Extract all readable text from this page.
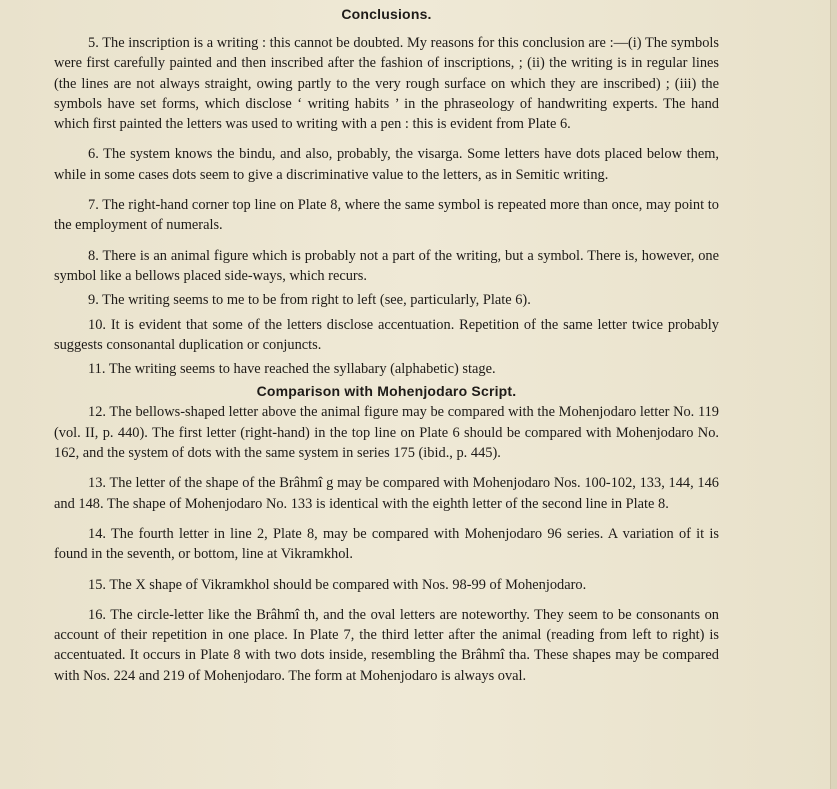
Conclusions.

5. The inscription is a writing : this cannot be doubted. My reasons for this conclusion are :—(i) The symbols were first carefully painted and then inscribed after the fashion of inscriptions, ; (ii) the writing is in regular lines (the lines are not always straight, owing partly to the very rough surface on which they are inscribed) ; (iii) the symbols have set forms, which disclose ‘ writing habits ’ in the phraseology of handwriting experts. The hand which first painted the letters was used to writing with a pen : this is evident from Plate 6.

6. The system knows the bindu, and also, probably, the visarga. Some letters have dots placed below them, while in some cases dots seem to give a discriminative value to the letters, as in Semitic writing.

7. The right-hand corner top line on Plate 8, where the same symbol is repeated more than once, may point to the employment of numerals.

8. There is an animal figure which is probably not a part of the writing, but a symbol. There is, however, one symbol like a bellows placed side-ways, which recurs.

9. The writing seems to me to be from right to left (see, particularly, Plate 6).

10. It is evident that some of the letters disclose accentuation. Repetition of the same letter twice probably suggests consonantal duplication or conjuncts.

11. The writing seems to have reached the syllabary (alphabetic) stage.

Comparison with Mohenjodaro Script.

12. The bellows-shaped letter above the animal figure may be compared with the Mohenjodaro letter No. 119 (vol. II, p. 440). The first letter (right-hand) in the top line on Plate 6 should be compared with Mohenjodaro No. 162, and the system of dots with the same system in series 175 (ibid., p. 445).

13. The letter of the shape of the Brâhmî g may be compared with Mohenjodaro Nos. 100-102, 133, 144, 146 and 148. The shape of Mohenjodaro No. 133 is identical with the eighth letter of the second line in Plate 8.

14. The fourth letter in line 2, Plate 8, may be compared with Mohenjodaro 96 series. A variation of it is found in the seventh, or bottom, line at Vikramkhol.

15. The X shape of Vikramkhol should be compared with Nos. 98-99 of Mohenjodaro.

16. The circle-letter like the Brâhmî th, and the oval letters are noteworthy. They seem to be consonants on account of their repetition in one place. In Plate 7, the third letter after the animal (reading from left to right) is accentuated. It occurs in Plate 8 with two dots inside, resembling the Brâhmî tha. These shapes may be compared with Nos. 224 and 219 of Mohenjodaro. The form at Mohenjodaro is always oval.
